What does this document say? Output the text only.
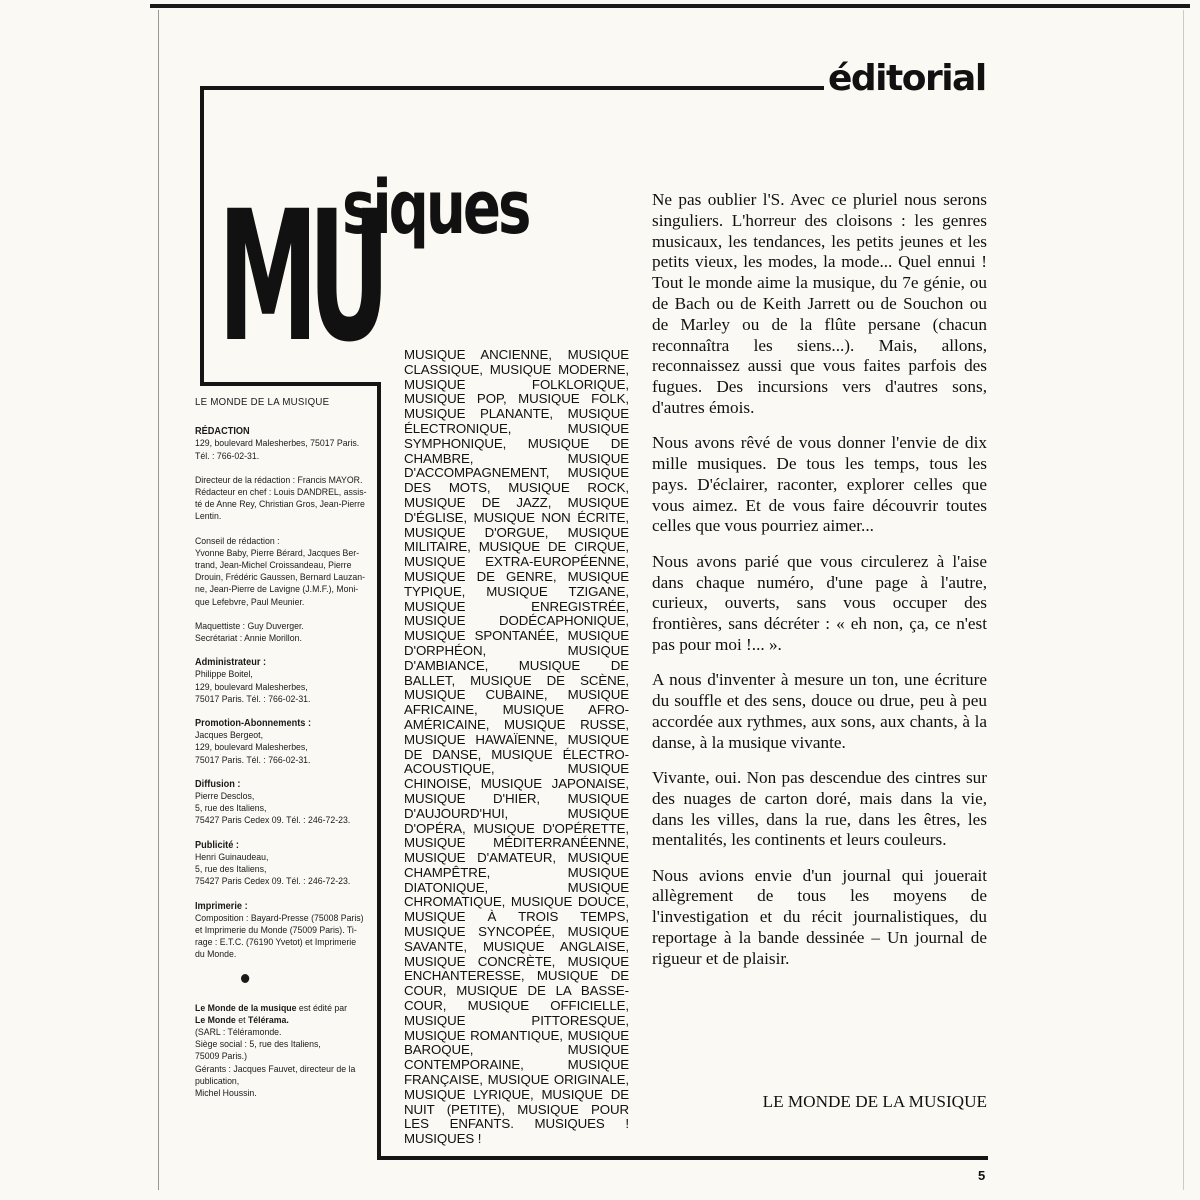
éditorial
MU
siques
LE MONDE DE LA MUSIQUE
RÉDACTION
129, boulevard Malesherbes, 75017 Paris.
Tél. : 766-02-31.
Directeur de la rédaction : Francis MAYOR.
Rédacteur en chef : Louis DANDREL, assis-
té de Anne Rey, Christian Gros, Jean-Pierre
Lentin.
Conseil de rédaction :
Yvonne Baby, Pierre Bérard, Jacques Ber-
trand, Jean-Michel Croissandeau, Pierre
Drouin, Frédéric Gaussen, Bernard Lauzan-
ne, Jean-Pierre de Lavigne (J.M.F.), Moni-
que Lefebvre, Paul Meunier.
Maquettiste : Guy Duverger.
Secrétariat : Annie Morillon.
Administrateur :
Philippe Boitel,
129, boulevard Malesherbes,
75017 Paris. Tél. : 766-02-31.
Promotion-Abonnements :
Jacques Bergeot,
129, boulevard Malesherbes,
75017 Paris. Tél. : 766-02-31.
Diffusion :
Pierre Desclos,
5, rue des Italiens,
75427 Paris Cedex 09. Tél. : 246-72-23.
Publicité :
Henri Guinaudeau,
5, rue des Italiens,
75427 Paris Cedex 09. Tél. : 246-72-23.
Imprimerie :
Composition : Bayard-Presse (75008 Paris)
et Imprimerie du Monde (75009 Paris). Ti-
rage : E.T.C. (76190 Yvetot) et Imprimerie
du Monde.
Le Monde de la musique est édité par
Le Monde et Télérama.
(SARL : Téléramonde.
Siège social : 5, rue des Italiens,
75009 Paris.)
Gérants : Jacques Fauvet, directeur de la
publication,
Michel Houssin.
MUSIQUE ANCIENNE, MUSIQUE CLASSIQUE, MUSIQUE MODERNE, MUSIQUE FOLKLORIQUE, MUSIQUE POP, MUSIQUE FOLK, MUSIQUE PLANANTE, MUSIQUE ÉLECTRONIQUE, MUSIQUE SYMPHONIQUE, MUSIQUE DE CHAMBRE, MUSIQUE D'ACCOMPAGNEMENT, MUSIQUE DES MOTS, MUSIQUE ROCK, MUSIQUE DE JAZZ, MUSIQUE D'ÉGLISE, MUSIQUE NON ÉCRITE, MUSIQUE D'ORGUE, MUSIQUE MILITAIRE, MUSIQUE DE CIRQUE, MUSIQUE EXTRA-EUROPÉENNE, MUSIQUE DE GENRE, MUSIQUE TYPIQUE, MUSIQUE TZIGANE, MUSIQUE ENREGISTRÉE, MUSIQUE DODÉCAPHONIQUE, MUSIQUE SPONTANÉE, MUSIQUE D'ORPHÉON, MUSIQUE D'AMBIANCE, MUSIQUE DE BALLET, MUSIQUE DE SCÈNE, MUSIQUE CUBAINE, MUSIQUE AFRICAINE, MUSIQUE AFRO-AMÉRICAINE, MUSIQUE RUSSE, MUSIQUE HAWAÏENNE, MUSIQUE DE DANSE, MUSIQUE ÉLECTRO-ACOUSTIQUE, MUSIQUE CHINOISE, MUSIQUE JAPONAISE, MUSIQUE D'HIER, MUSIQUE D'AUJOURD'HUI, MUSIQUE D'OPÉRA, MUSIQUE D'OPÉRETTE, MUSIQUE MÉDITERRANÉENNE, MUSIQUE D'AMATEUR, MUSIQUE CHAMPÊTRE, MUSIQUE DIATONIQUE, MUSIQUE CHROMATIQUE, MUSIQUE DOUCE, MUSIQUE À TROIS TEMPS, MUSIQUE SYNCOPÉE, MUSIQUE SAVANTE, MUSIQUE ANGLAISE, MUSIQUE CONCRÈTE, MUSIQUE ENCHANTERESSE, MUSIQUE DE COUR, MUSIQUE DE LA BASSE-COUR, MUSIQUE OFFICIELLE, MUSIQUE PITTORESQUE, MUSIQUE ROMANTIQUE, MUSIQUE BAROQUE, MUSIQUE CONTEMPORAINE, MUSIQUE FRANÇAISE, MUSIQUE ORIGINALE, MUSIQUE LYRIQUE, MUSIQUE DE NUIT (PETITE), MUSIQUE POUR LES ENFANTS. MUSIQUES ! MUSIQUES !

Ne pas oublier l'S. Avec ce pluriel nous serons singuliers. L'horreur des cloisons : les genres musicaux, les tendances, les petits jeunes et les petits vieux, les modes, la mode... Quel ennui ! Tout le monde aime la musique, du 7e génie, ou de Bach ou de Keith Jarrett ou de Souchon ou de Marley ou de la flûte persane (chacun reconnaîtra les siens...). Mais, allons, reconnaissez aussi que vous faites parfois des fugues. Des incursions vers d'autres sons, d'autres émois.

Nous avons rêvé de vous donner l'envie de dix mille musiques. De tous les temps, tous les pays. D'éclairer, raconter, explorer celles que vous aimez. Et de vous faire découvrir toutes celles que vous pourriez aimer...

Nous avons parié que vous circulerez à l'aise dans chaque numéro, d'une page à l'autre, curieux, ouverts, sans vous occuper des frontières, sans décréter : « eh non, ça, ce n'est pas pour moi !... ».

A nous d'inventer à mesure un ton, une écriture du souffle et des sens, douce ou drue, peu à peu accordée aux rythmes, aux sons, aux chants, à la danse, à la musique vivante.

Vivante, oui. Non pas descendue des cintres sur des nuages de carton doré, mais dans la vie, dans les villes, dans la rue, dans les êtres, les mentalités, les continents et leurs couleurs.

Nous avions envie d'un journal qui jouerait allègrement de tous les moyens de l'investigation et du récit journalistiques, du reportage à la bande dessinée – Un journal de rigueur et de plaisir.

LE MONDE DE LA MUSIQUE
5
